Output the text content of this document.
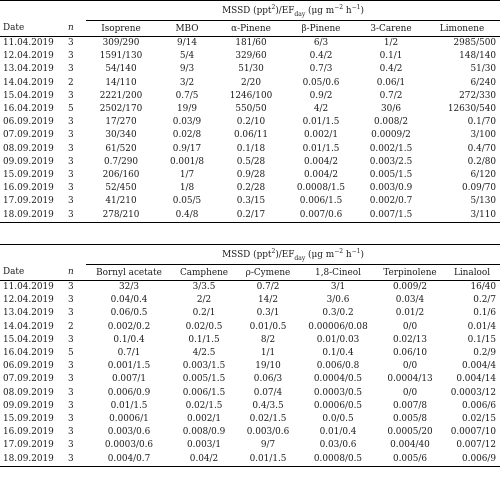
		MSSD $(ppt^2)/EF_{day}$ (μg $m^{-2}$ $h^{-1}$)					
Date	n	Isoprene	MBO	α-Pinene	β-Pinene	3-Carene	Limonene
11.04.2019	3	309/290	9/14	181/60	6/3	1/2	2985/500
12.04.2019	3	1591/130	5/4	329/60	0.4/2	0.1/1	148/140
13.04.2019	3	54/140	9/3	51/30	0.7/3	0.4/2	51/30
14.04.2019	2	14/110	3/2	2/20	0.05/0.6	0.06/1	6/240
15.04.2019	3	2221/200	0.7/5	1246/100	0.9/2	0.7/2	272/330
16.04.2019	5	2502/170	19/9	550/50	4/2	30/6	12630/540
06.09.2019	3	17/270	0.03/9	0.2/10	0.01/1.5	0.008/2	0.1/70
07.09.2019	3	30/340	0.02/8	0.06/11	0.002/1	0.0009/2	3/100
08.09.2019	3	61/520	0.9/17	0.1/18	0.01/1.5	0.002/1.5	0.4/70
09.09.2019	3	0.7/290	0.001/8	0.5/28	0.004/2	0.003/2.5	0.2/80
15.09.2019	3	206/160	1/7	0.9/28	0.004/2	0.005/1.5	6/120
16.09.2019	3	52/450	1/8	0.2/28	0.0008/1.5	0.003/0.9	0.09/70
17.09.2019	3	41/210	0.05/5	0.3/15	0.006/1.5	0.002/0.7	5/130
18.09.2019	3	278/210	0.4/8	0.2/17	0.007/0.6	0.007/1.5	3/110
		MSSD $(ppt^2)/EF_{day}$ (μg $m^{-2}$ $h^{-1}$)					
Date	n	Bornyl acetate	Camphene	ρ-Cymene	1,8-Cineol	Terpinolene	Linalool
11.04.2019	3	32/3	3/3.5	0.7/2	3/1	0.009/2	16/40
12.04.2019	3	0.04/0.4	2/2	14/2	3/0.6	0.03/4	0.2/7
13.04.2019	3	0.06/0.5	0.2/1	0.3/1	0.3/0.2	0.01/2	0.1/6
14.04.2019	2	0.002/0.2	0.02/0.5	0.01/0.5	0.00006/0.08	0/0	0.01/4
15.04.2019	3	0.1/0.4	0.1/1.5	8/2	0.01/0.03	0.02/13	0.1/15
16.04.2019	5	0.7/1	4/2.5	1/1	0.1/0.4	0.06/10	0.2/9
06.09.2019	3	0.001/1.5	0.003/1.5	19/10	0.006/0.8	0/0	0.004/4
07.09.2019	3	0.007/1	0.005/1.5	0.06/3	0.0004/0.5	0.0004/13	0.004/14
08.09.2019	3	0.006/0.9	0.006/1.5	0.07/4	0.0003/0.5	0/0	0.0003/12
09.09.2019	3	0.01/1.5	0.02/1.5	0.4/3.5	0.0006/0.5	0.007/8	0.006/6
15.09.2019	3	0.0006/1	0.002/1	0.02/1.5	0.0/0.5	0.005/8	0.02/15
16.09.2019	3	0.003/0.6	0.008/0.9	0.003/0.6	0.01/0.4	0.0005/20	0.0007/10
17.09.2019	3	0.0003/0.6	0.003/1	9/7	0.03/0.6	0.004/40	0.007/12
18.09.2019	3	0.004/0.7	0.04/2	0.01/1.5	0.0008/0.5	0.005/6	0.006/9
